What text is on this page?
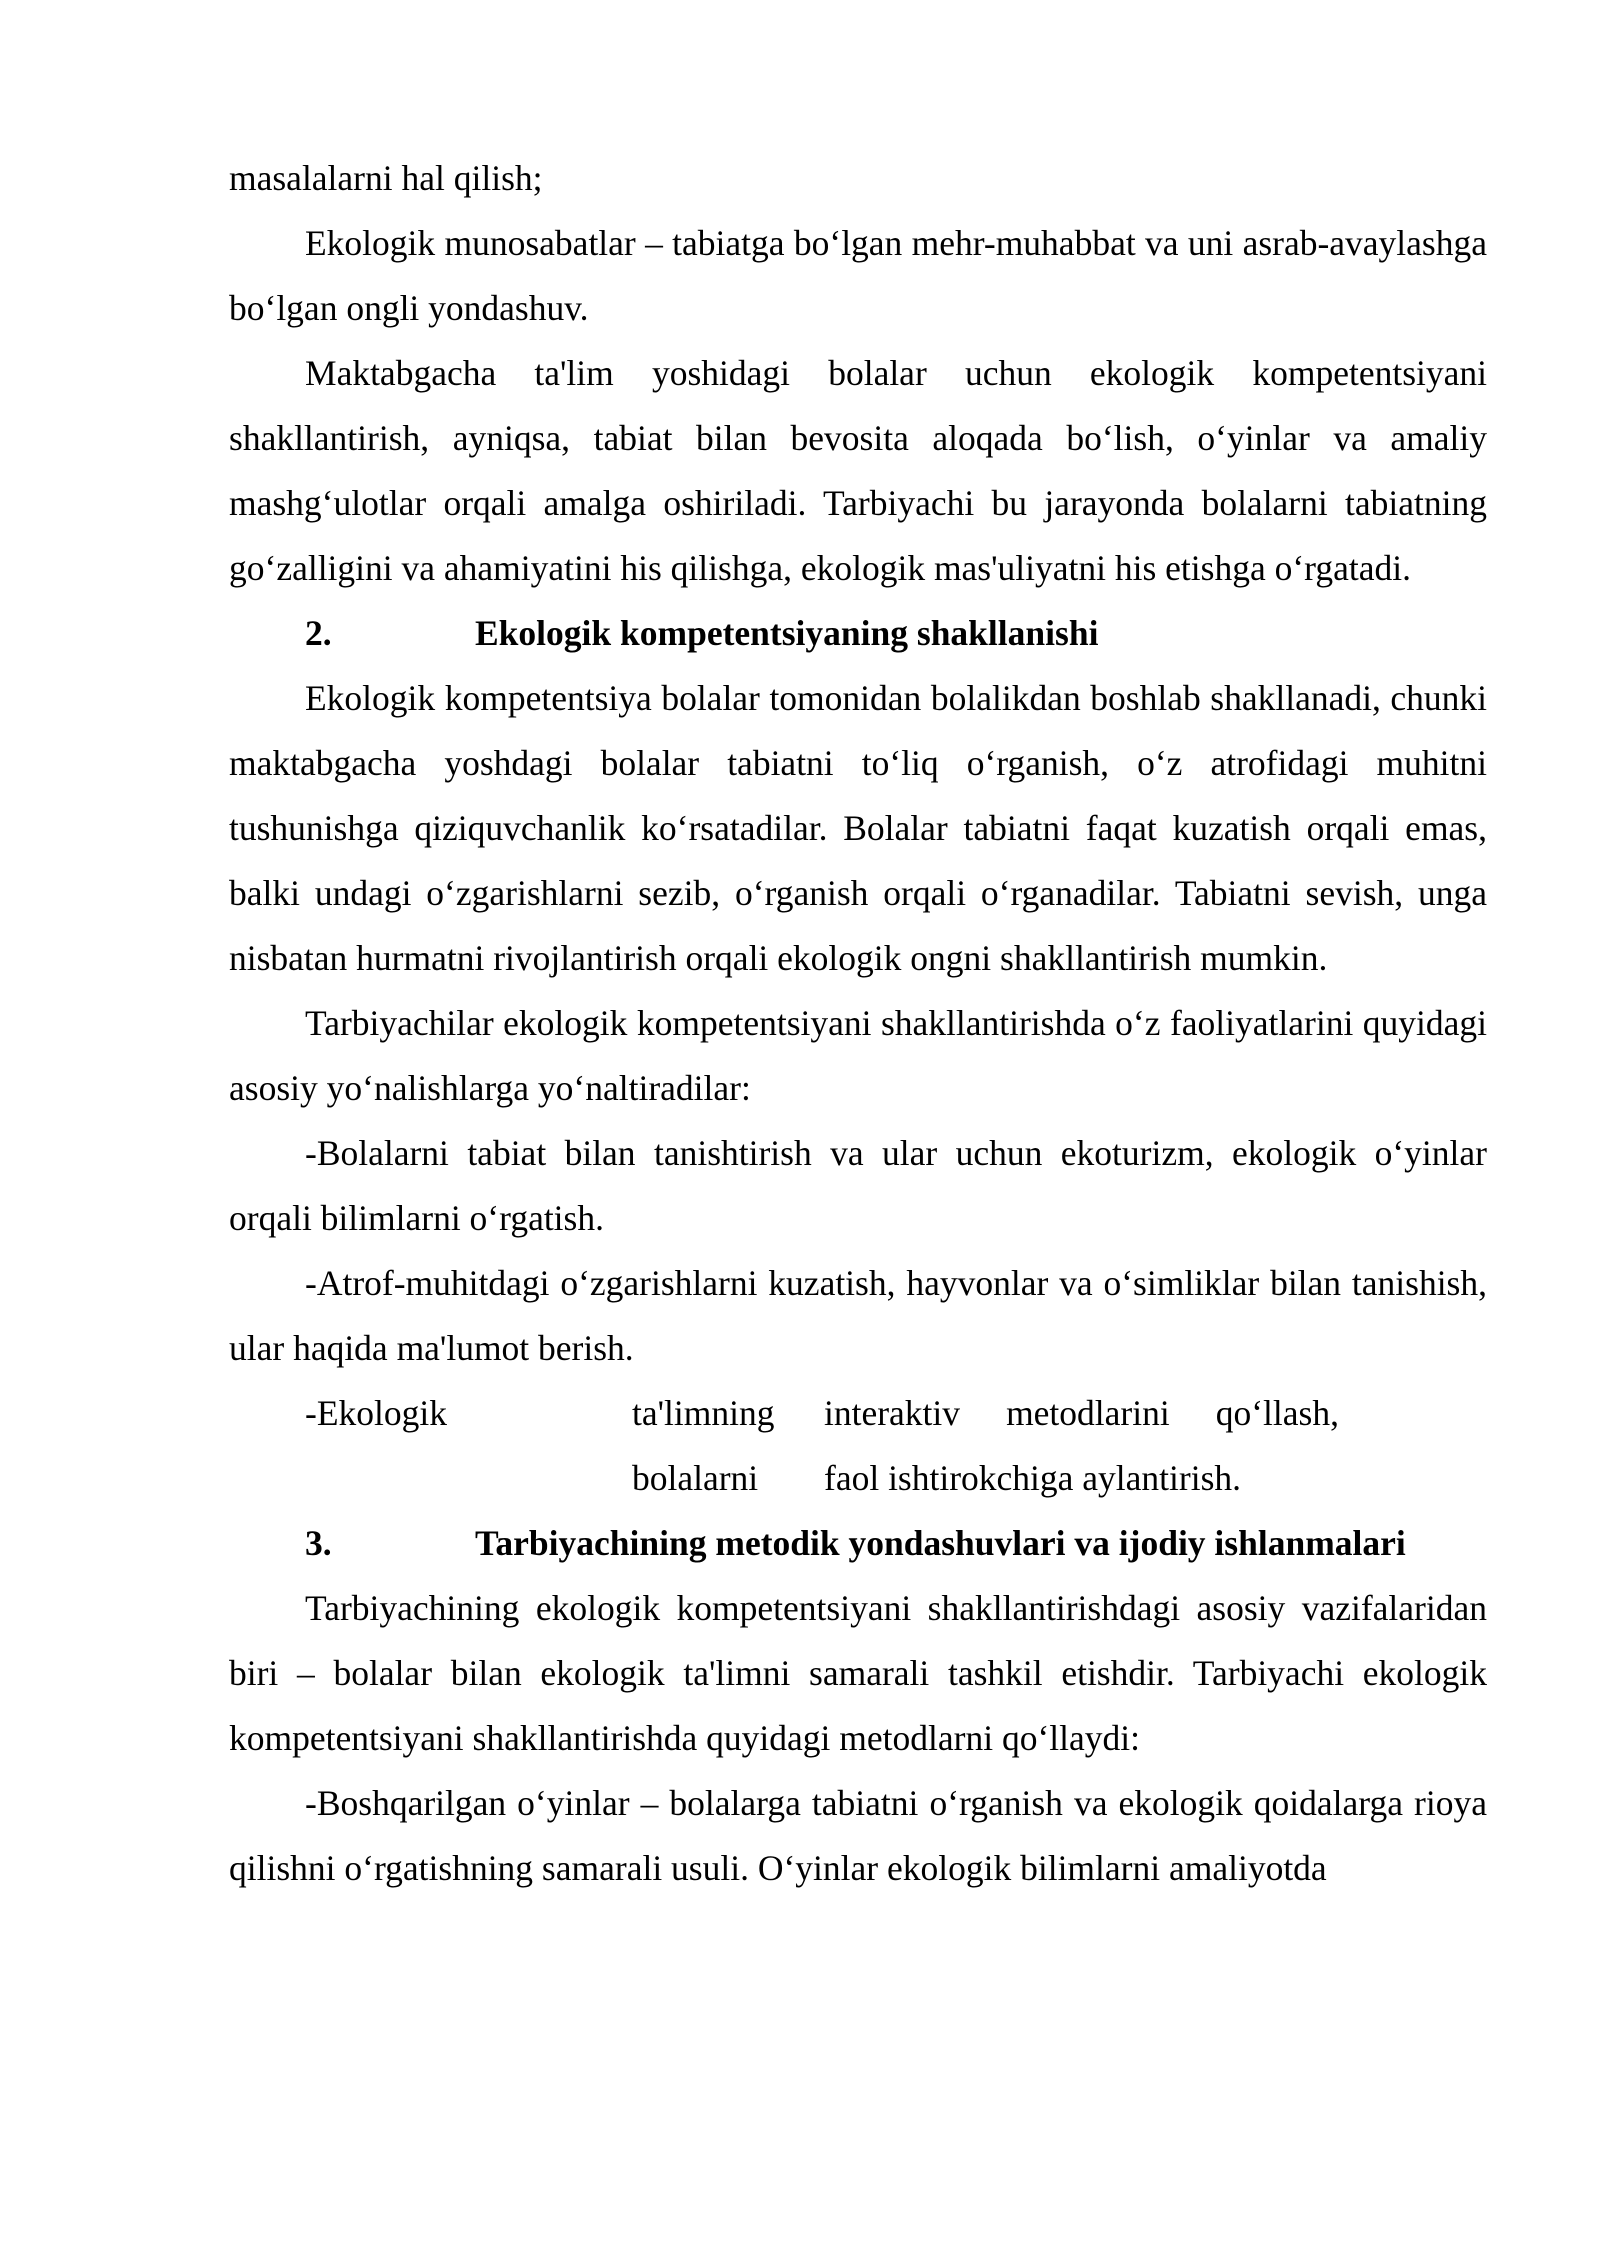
masalalarni hal qilish;

Ekologik munosabatlar – tabiatga bo‘lgan mehr-muhabbat va uni asrab-avaylashga bo‘lgan ongli yondashuv.

Maktabgacha ta'lim yoshidagi bolalar uchun ekologik kompetentsiyani shakllantirish, ayniqsa, tabiat bilan bevosita aloqada bo‘lish, o‘yinlar va amaliy mashg‘ulotlar orqali amalga oshiriladi. Tarbiyachi bu jarayonda bolalarni tabiatning go‘zalligini va ahamiyatini his qilishga, ekologik mas'uliyatni his etishga o‘rgatadi.

2.	Ekologik kompetentsiyaning shakllanishi

Ekologik kompetentsiya bolalar tomonidan bolalikdan boshlab shakllanadi, chunki maktabgacha yoshdagi bolalar tabiatni to‘liq o‘rganish, o‘z atrofidagi muhitni tushunishga qiziquvchanlik ko‘rsatadilar. Bolalar tabiatni faqat kuzatish orqali emas, balki undagi o‘zgarishlarni sezib, o‘rganish orqali o‘rganadilar. Tabiatni sevish, unga nisbatan hurmatni rivojlantirish orqali ekologik ongni shakllantirish mumkin.

Tarbiyachilar ekologik kompetentsiyani shakllantirishda o‘z faoliyatlarini quyidagi asosiy yo‘nalishlarga yo‘naltiradilar:

-Bolalarni tabiat bilan tanishtirish va ular uchun ekoturizm, ekologik o‘yinlar orqali bilimlarni o‘rgatish.

-Atrof-muhitdagi o‘zgarishlarni kuzatish, hayvonlar va o‘simliklar bilan tanishish, ular haqida ma'lumot berish.

-Ekologik	ta'limning	interaktiv metodlarini qo‘llash,
bolalarni	faol ishtirokchiga aylantirish.
3.	Tarbiyachining metodik yondashuvlari va ijodiy ishlanmalari

Tarbiyachining ekologik kompetentsiyani shakllantirishdagi asosiy vazifalaridan biri – bolalar bilan ekologik ta'limni samarali tashkil etishdir. Tarbiyachi ekologik kompetentsiyani shakllantirishda quyidagi metodlarni qo‘llaydi:

-Boshqarilgan o‘yinlar – bolalarga tabiatni o‘rganish va ekologik qoidalarga rioya qilishni o‘rgatishning samarali usuli. O‘yinlar ekologik bilimlarni amaliyotda
